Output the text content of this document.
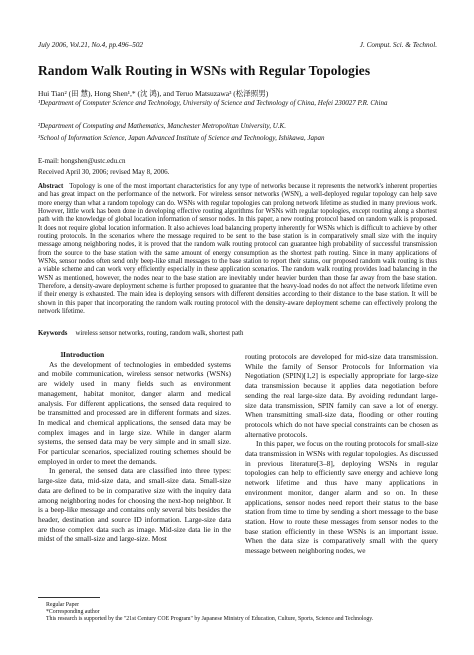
July 2006, Vol.21, No.4, pp.496–502	J. Comput. Sci. & Technol.
Random Walk Routing in WSNs with Regular Topologies
Hui Tian² (田 慧), Hong Shen¹,* (沈 鸿), and Teruo Matsuzawa³ (松泽照男)
¹Department of Computer Science and Technology, University of Science and Technology of China, Hefei 230027 P.R. China
²Department of Computing and Mathematics, Manchester Metropolitan University, U.K.
³School of Information Science, Japan Advanced Institute of Science and Technology, Ishikawa, Japan
E-mail: hongshen@ustc.edu.cn
Received April 30, 2006; revised May 8, 2006.
Abstract Topology is one of the most important characteristics for any type of networks because it represents the network's inherent properties and has great impact on the performance of the network. For wireless sensor networks (WSN), a well-deployed regular topology can help save more energy than what a random topology can do. WSNs with regular topologies can prolong network lifetime as studied in many previous work. However, little work has been done in developing effective routing algorithms for WSNs with regular topologies, except routing along a shortest path with the knowledge of global location information of sensor nodes. In this paper, a new routing protocol based on random walk is proposed. It does not require global location information. It also achieves load balancing property inherently for WSNs which is difficult to achieve by other routing protocols. In the scenarios where the message required to be sent to the base station is in comparatively small size with the inquiry message among neighboring nodes, it is proved that the random walk routing protocol can guarantee high probability of successful transmission from the source to the base station with the same amount of energy consumption as the shortest path routing. Since in many applications of WSNs, sensor nodes often send only beep-like small messages to the base station to report their status, our proposed random walk routing is thus a viable scheme and can work very efficiently especially in these application scenarios. The random walk routing provides load balancing in the WSN as mentioned, however, the nodes near to the base station are inevitably under heavier burden than those far away from the base station. Therefore, a density-aware deployment scheme is further proposed to guarantee that the heavy-load nodes do not affect the network lifetime even if their energy is exhausted. The main idea is deploying sensors with different densities according to their distance to the base station. It will be shown in this paper that incorporating the random walk routing protocol with the density-aware deployment scheme can effectively prolong the network lifetime.
Keywords wireless sensor networks, routing, random walk, shortest path

1Introduction

As the development of technologies in embedded systems and mobile communication, wireless sensor networks (WSNs) are widely used in many fields such as environment management, habitat monitor, danger alarm and medical analysis. For different applications, the sensed data required to be transmitted and processed are in different formats and sizes. In medical and chemical applications, the sensed data may be complex images and in large size. While in danger alarm systems, the sensed data may be very simple and in small size. For particular scenarios, specialized routing schemes should be employed in order to meet the demands.

In general, the sensed data are classified into three types: large-size data, mid-size data, and small-size data. Small-size data are defined to be in comparative size with the inquiry data among neighboring nodes for choosing the next-hop neighbor. It is a beep-like message and contains only several bits besides the header, destination and source ID information. Large-size data are those complex data such as image. Mid-size data lie in the midst of the small-size and large-size. Most

routing protocols are developed for mid-size data transmission. While the family of Sensor Protocols for Information via Negotiation (SPIN)[1,2] is especially appropriate for large-size data transmission because it applies data negotiation before sending the real large-size data. By avoiding redundant large-size data transmission, SPIN family can save a lot of energy. When transmitting small-size data, flooding or other routing protocols which do not have special constraints can be chosen as alternative protocols.

In this paper, we focus on the routing protocols for small-size data transmission in WSNs with regular topologies. As discussed in previous literature[3–8], deploying WSNs in regular topologies can help to efficiently save energy and achieve long network lifetime and thus have many applications in environment monitor, danger alarm and so on. In these applications, sensor nodes need report their status to the base station from time to time by sending a short message to the base station. How to route these messages from sensor nodes to the base station efficiently in these WSNs is an important issue. When the data size is comparatively small with the query message between neighboring nodes, we

Regular Paper
*Corresponding author
This research is supported by the "21st Century COE Program" by Japanese Ministry of Education, Culture, Sports, Science and Technology.
